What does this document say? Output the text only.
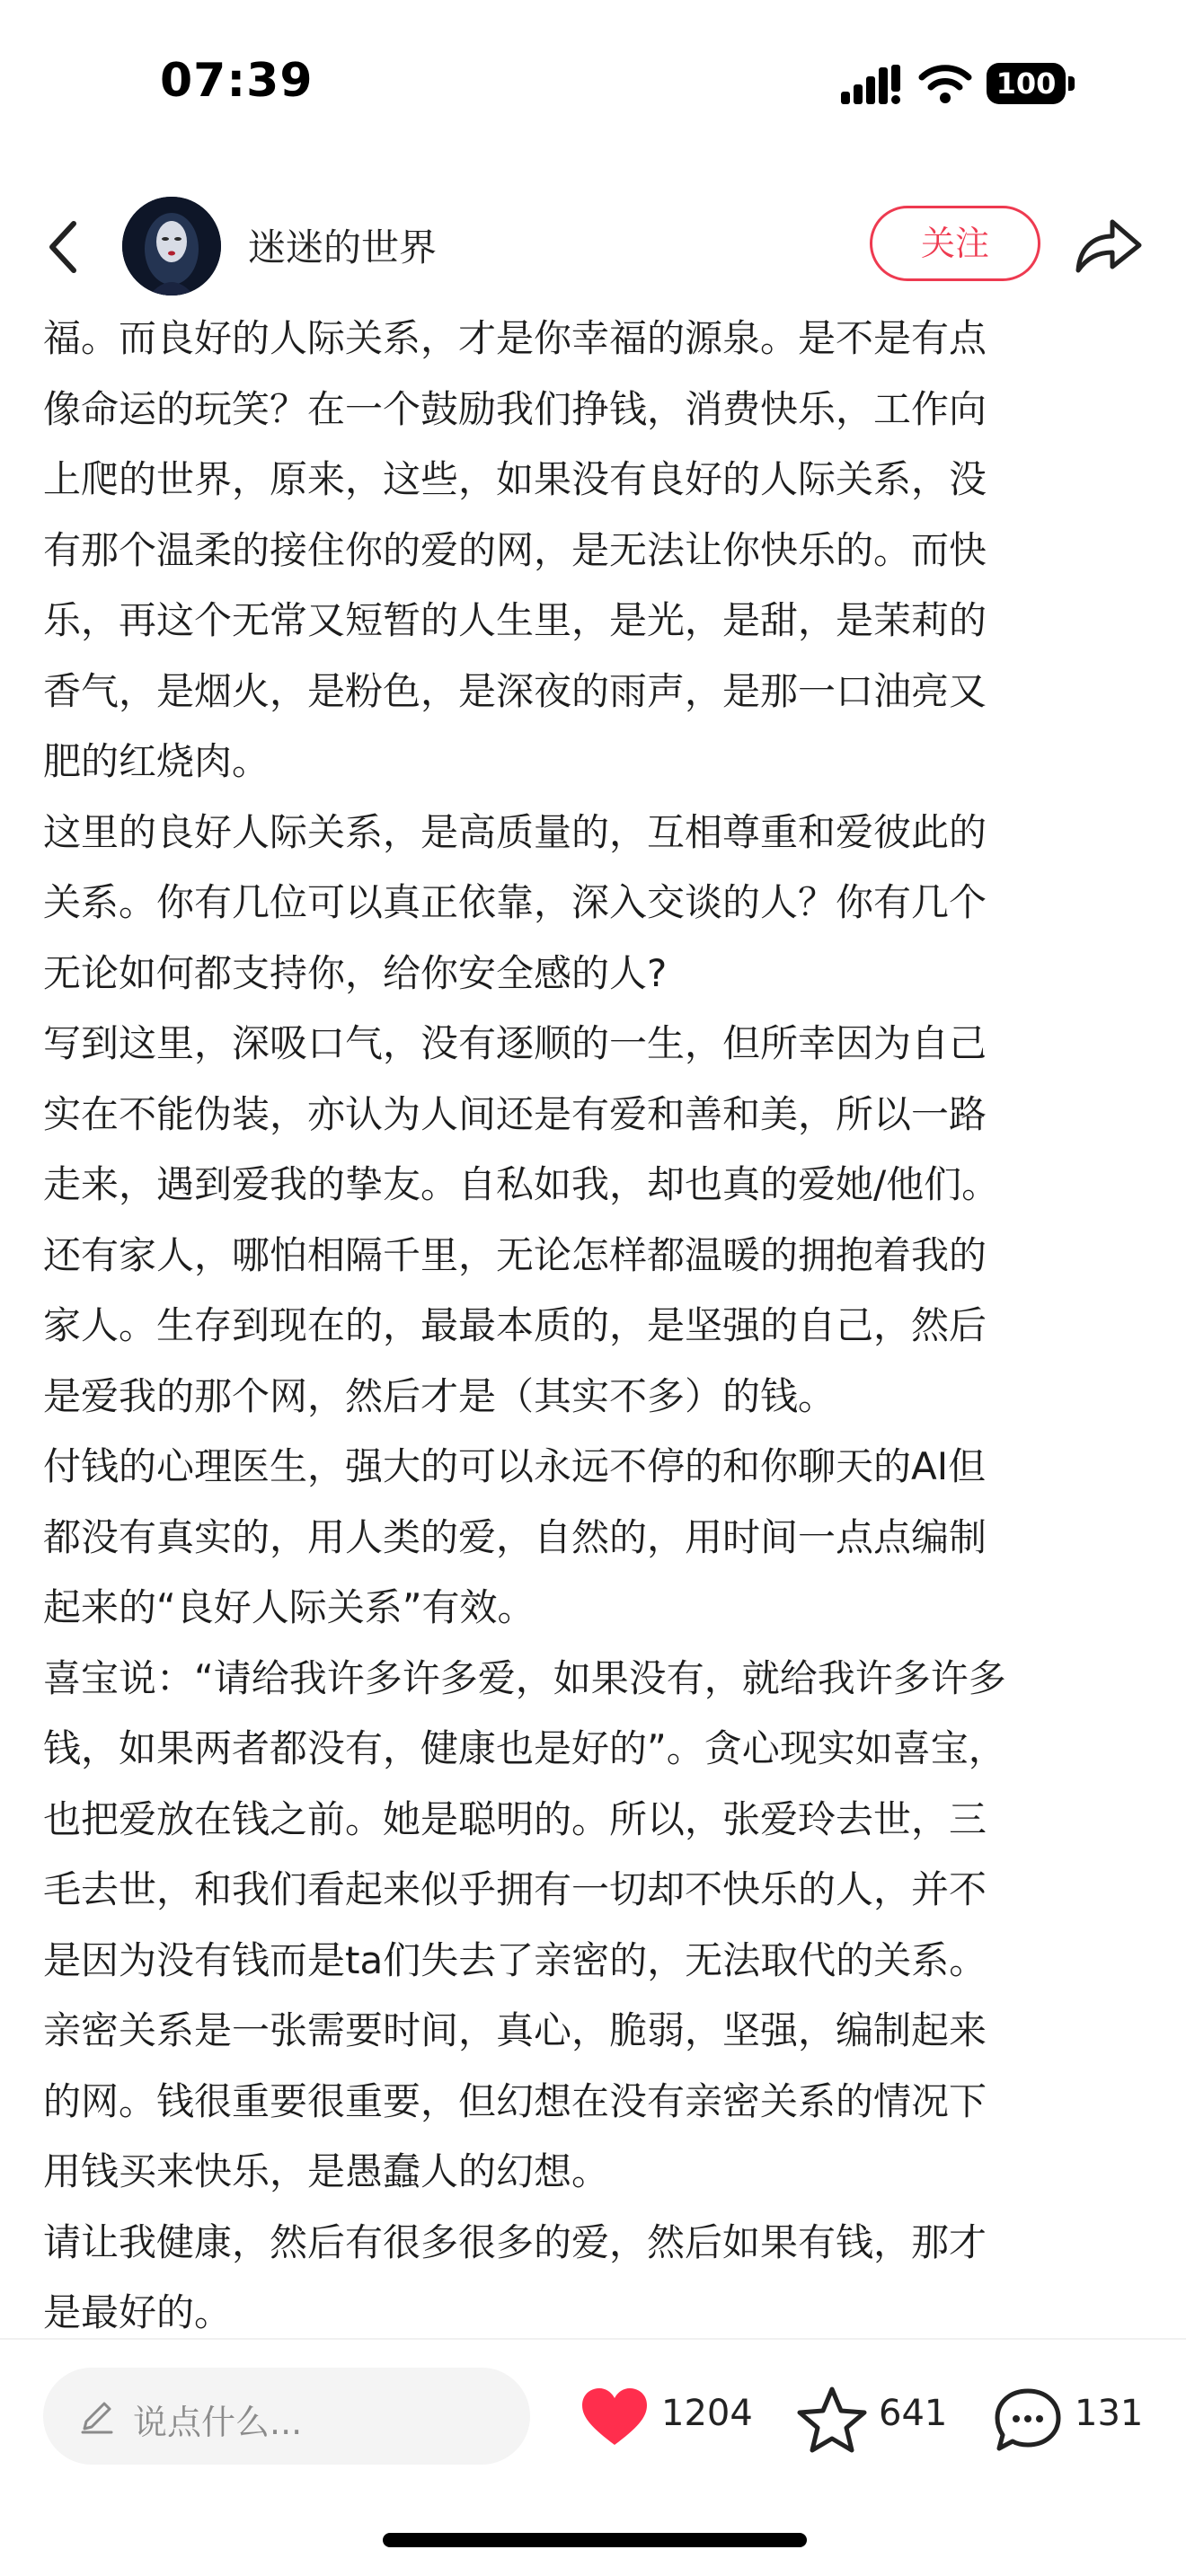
07:39	100
迷迷的世界	关注

福。而良好的人际关系，才是你幸福的源泉。是不是有点

像命运的玩笑？在一个鼓励我们挣钱，消费快乐，工作向

上爬的世界，原来，这些，如果没有良好的人际关系，没

有那个温柔的接住你的爱的网，是无法让你快乐的。而快

乐，再这个无常又短暂的人生里，是光，是甜，是茉莉的

香气，是烟火，是粉色，是深夜的雨声，是那一口油亮又

肥的红烧肉。

这里的良好人际关系，是高质量的，互相尊重和爱彼此的

关系。你有几位可以真正依靠，深入交谈的人？你有几个

无论如何都支持你，给你安全感的人?

写到这里，深吸口气，没有逐顺的一生，但所幸因为自己

实在不能伪装，亦认为人间还是有爱和善和美，所以一路

走来，遇到爱我的挚友。自私如我，却也真的爱她/他们。

还有家人，哪怕相隔千里，无论怎样都温暖的拥抱着我的

家人。生存到现在的，最最本质的，是坚强的自己，然后

是爱我的那个网，然后才是（其实不多）的钱。

付钱的心理医生，强大的可以永远不停的和你聊天的AI但

都没有真实的，用人类的爱，自然的，用时间一点点编制

起来的“良好人际关系”有效。

喜宝说：“请给我许多许多爱，如果没有，就给我许多许多

钱，如果两者都没有，健康也是好的”。贪心现实如喜宝，

也把爱放在钱之前。她是聪明的。所以，张爱玲去世，三

毛去世，和我们看起来似乎拥有一切却不快乐的人，并不

是因为没有钱而是ta们失去了亲密的，无法取代的关系。

亲密关系是一张需要时间，真心，脆弱，坚强，编制起来

的网。钱很重要很重要，但幻想在没有亲密关系的情况下

用钱买来快乐，是愚蠢人的幻想。

请让我健康，然后有很多很多的爱，然后如果有钱，那才

是最好的。

说点什么...	1204	641	131
